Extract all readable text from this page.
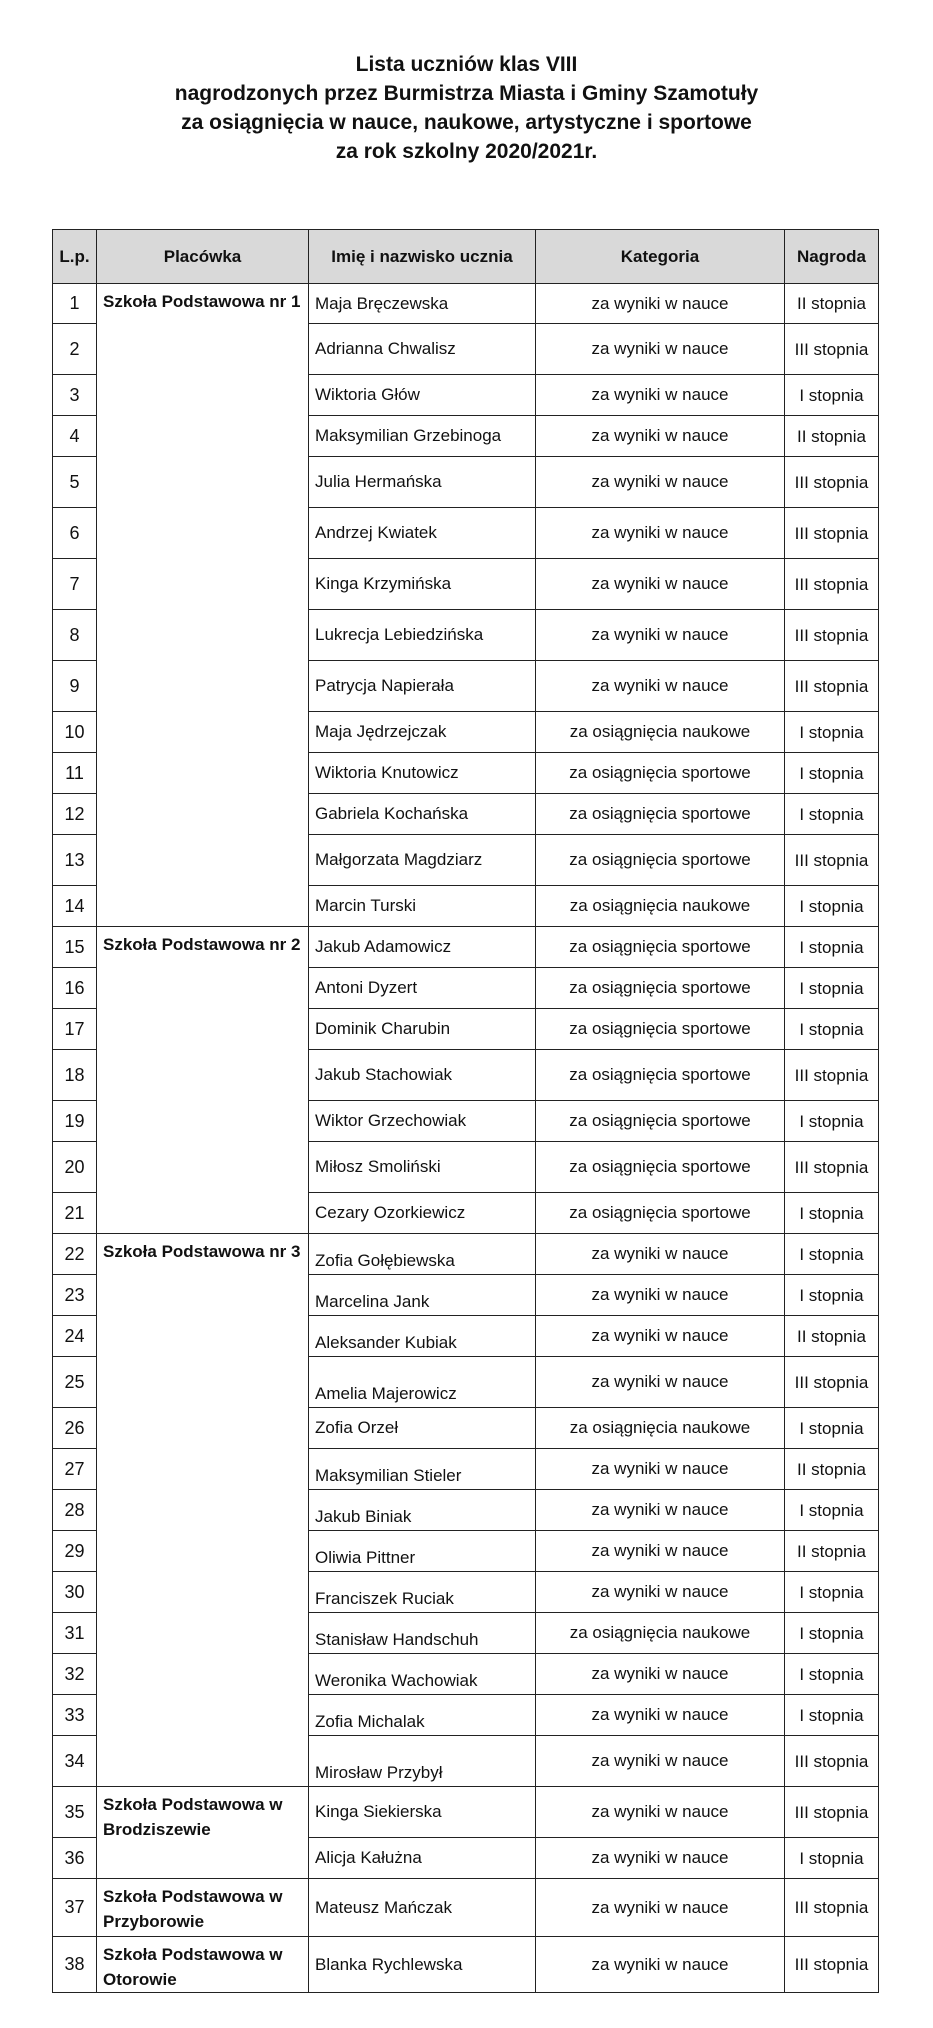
Lista uczniów klas VIII
nagrodzonych przez Burmistrza Miasta i Gminy Szamotuły
za osiągnięcia w nauce, naukowe, artystyczne i sportowe
za rok szkolny 2020/2021r.
L.p.	Placówka	Imię i nazwisko ucznia	Kategoria	Nagroda
1	Szkoła Podstawowa nr 1	Maja Bręczewska	za wyniki w nauce	II stopnia
2		Adrianna Chwalisz	za wyniki w nauce	III stopnia
3		Wiktoria Głów	za wyniki w nauce	I stopnia
4		Maksymilian Grzebinoga	za wyniki w nauce	II stopnia
5		Julia Hermańska	za wyniki w nauce	III stopnia
6		Andrzej Kwiatek	za wyniki w nauce	III stopnia
7		Kinga Krzymińska	za wyniki w nauce	III stopnia
8		Lukrecja Lebiedzińska	za wyniki w nauce	III stopnia
9		Patrycja Napierała	za wyniki w nauce	III stopnia
10		Maja Jędrzejczak	za osiągnięcia naukowe	I stopnia
11		Wiktoria Knutowicz	za osiągnięcia sportowe	I stopnia
12		Gabriela Kochańska	za osiągnięcia sportowe	I stopnia
13		Małgorzata Magdziarz	za osiągnięcia sportowe	III stopnia
14		Marcin Turski	za osiągnięcia naukowe	I stopnia
15	Szkoła Podstawowa nr 2	Jakub Adamowicz	za osiągnięcia sportowe	I stopnia
16		Antoni Dyzert	za osiągnięcia sportowe	I stopnia
17		Dominik Charubin	za osiągnięcia sportowe	I stopnia
18		Jakub Stachowiak	za osiągnięcia sportowe	III stopnia
19		Wiktor Grzechowiak	za osiągnięcia sportowe	I stopnia
20		Miłosz Smoliński	za osiągnięcia sportowe	III stopnia
21		Cezary Ozorkiewicz	za osiągnięcia sportowe	I stopnia
22	Szkoła Podstawowa nr 3	Zofia Gołębiewska	za wyniki w nauce	I stopnia
23		Marcelina Jank	za wyniki w nauce	I stopnia
24		Aleksander Kubiak	za wyniki w nauce	II stopnia
25		Amelia Majerowicz	za wyniki w nauce	III stopnia
26		Zofia Orzeł	za osiągnięcia naukowe	I stopnia
27		Maksymilian Stieler	za wyniki w nauce	II stopnia
28		Jakub Biniak	za wyniki w nauce	I stopnia
29		Oliwia Pittner	za wyniki w nauce	II stopnia
30		Franciszek Ruciak	za wyniki w nauce	I stopnia
31		Stanisław Handschuh	za osiągnięcia naukowe	I stopnia
32		Weronika Wachowiak	za wyniki w nauce	I stopnia
33		Zofia Michalak	za wyniki w nauce	I stopnia
34		Mirosław Przybył	za wyniki w nauce	III stopnia
35	Szkoła Podstawowa w Brodziszewie	Kinga Siekierska	za wyniki w nauce	III stopnia
36		Alicja Kałużna	za wyniki w nauce	I stopnia
37	Szkoła Podstawowa w Przyborowie	Mateusz Mańczak	za wyniki w nauce	III stopnia
38	Szkoła Podstawowa w Otorowie	Blanka Rychlewska	za wyniki w nauce	III stopnia
